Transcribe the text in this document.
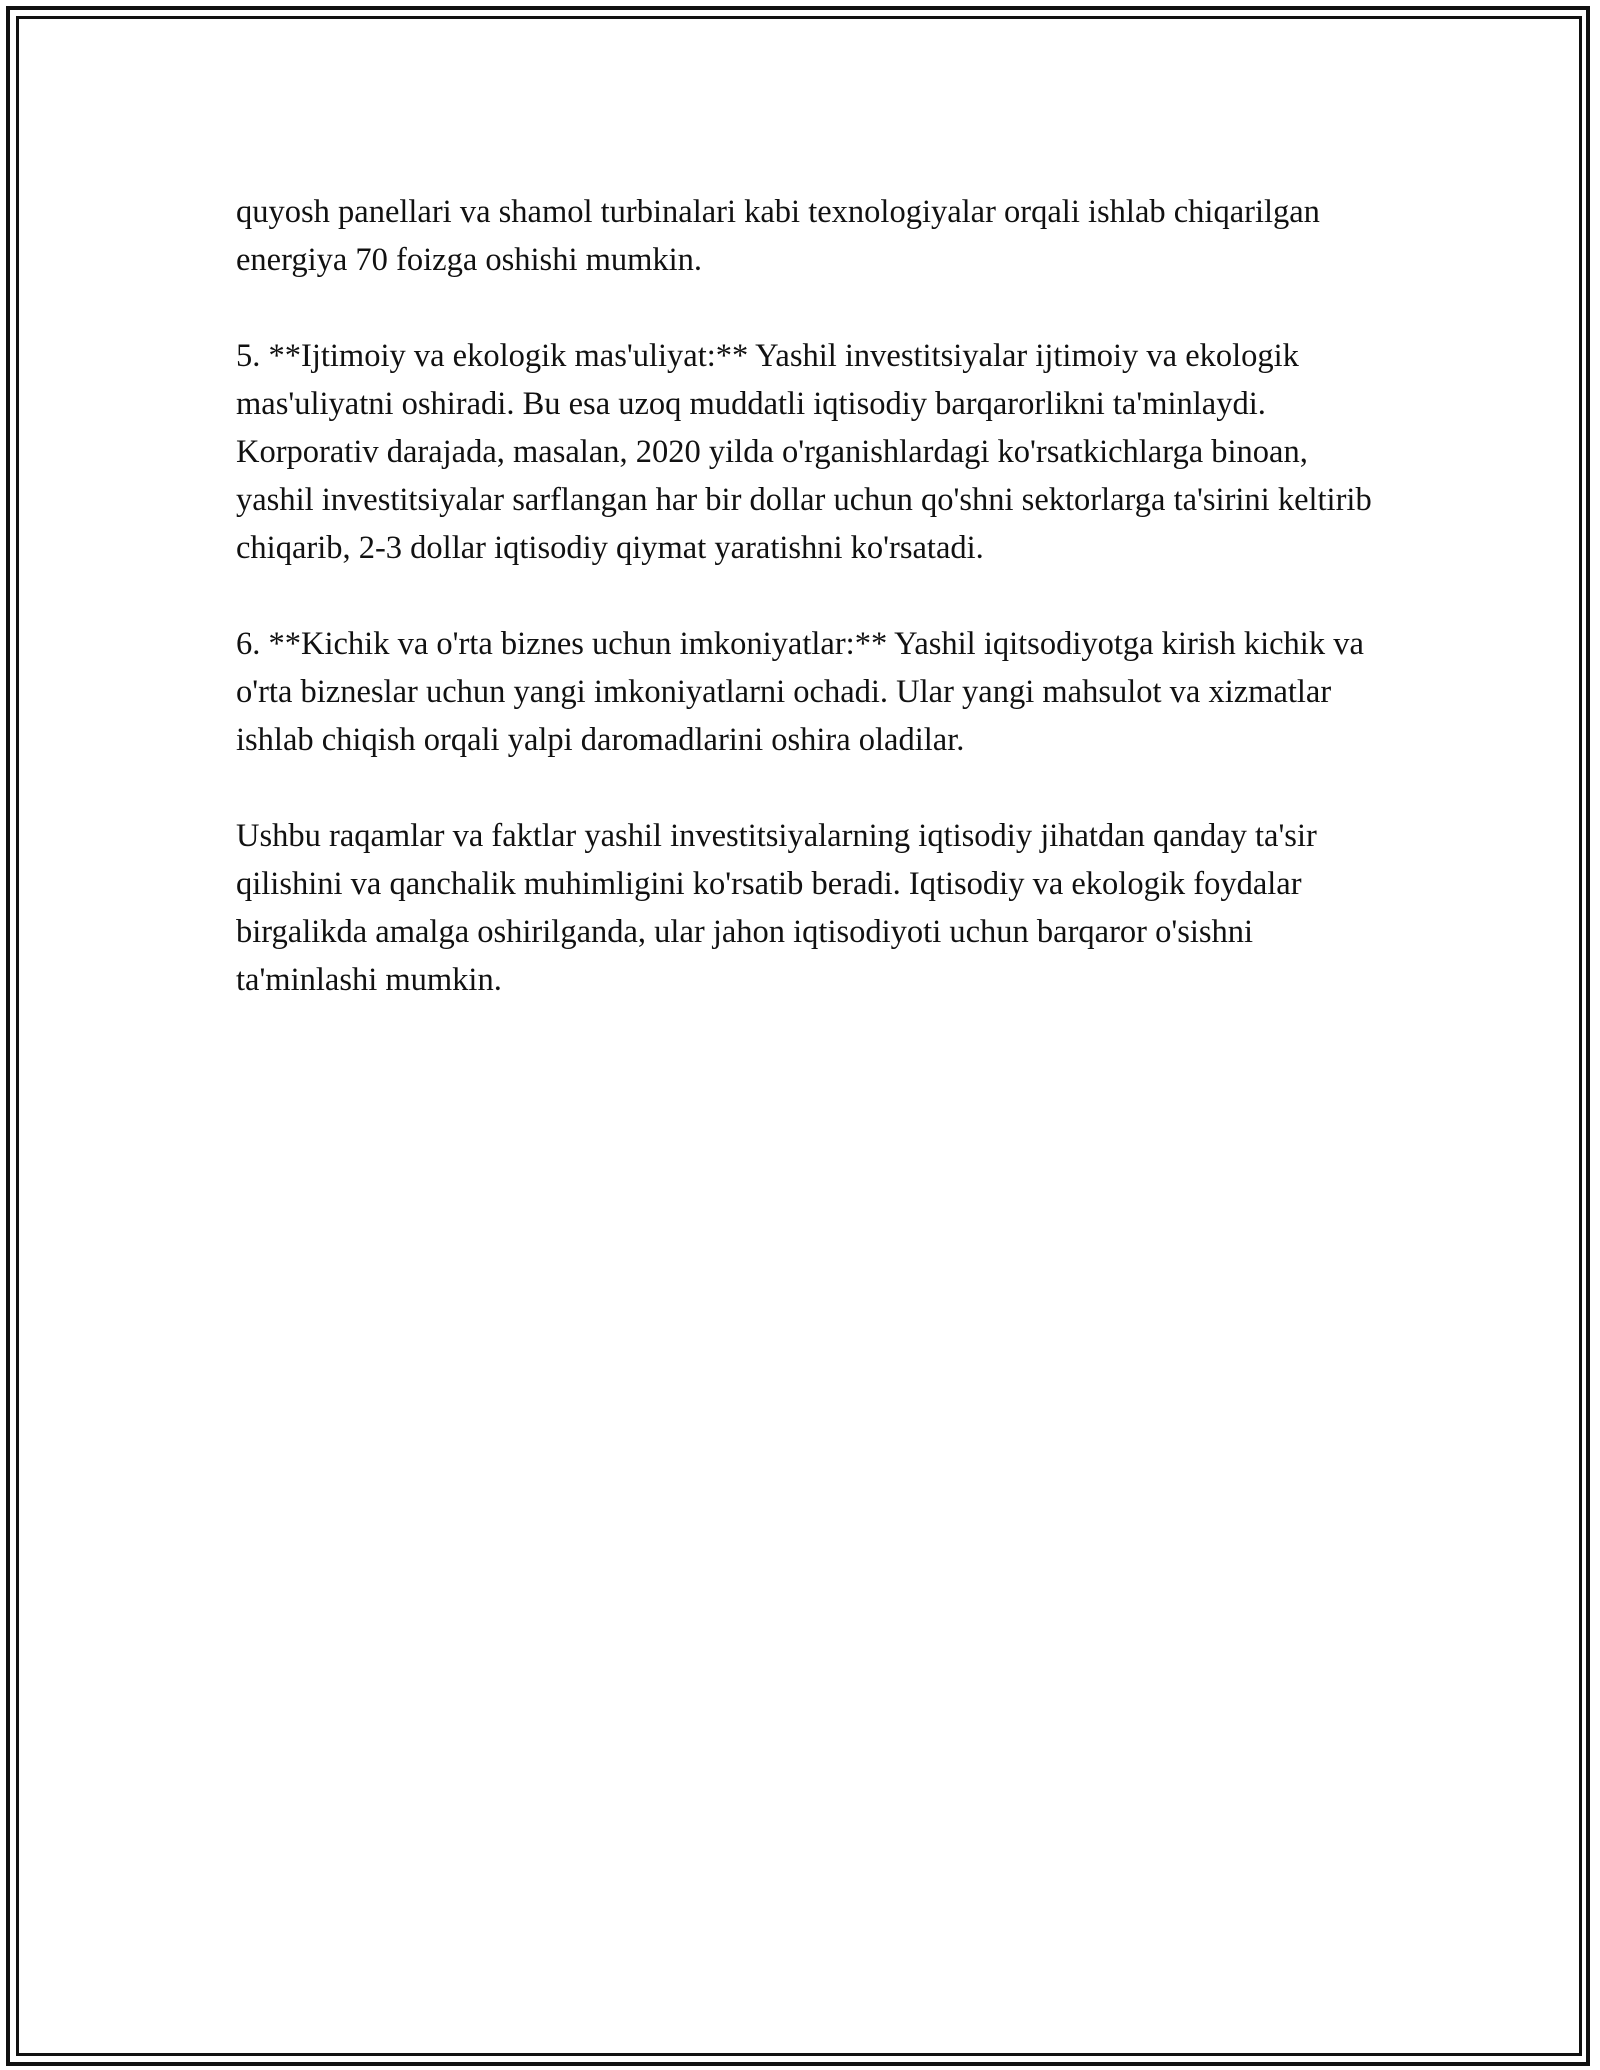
quyosh panellari va shamol turbinalari kabi texnologiyalar orqali ishlab chiqarilgan energiya 70 foizga oshishi mumkin.

5. **Ijtimoiy va ekologik mas'uliyat:** Yashil investitsiyalar ijtimoiy va ekologik mas'uliyatni oshiradi. Bu esa uzoq muddatli iqtisodiy barqarorlikni ta'minlaydi. Korporativ darajada, masalan, 2020 yilda o'rganishlardagi ko'rsatkichlarga binoan, yashil investitsiyalar sarflangan har bir dollar uchun qo'shni sektorlarga ta'sirini keltirib chiqarib, 2-3 dollar iqtisodiy qiymat yaratishni ko'rsatadi.

6. **Kichik va o'rta biznes uchun imkoniyatlar:** Yashil iqitsodiyotga kirish kichik va o'rta bizneslar uchun yangi imkoniyatlarni ochadi. Ular yangi mahsulot va xizmatlar ishlab chiqish orqali yalpi daromadlarini oshira oladilar.

Ushbu raqamlar va faktlar yashil investitsiyalarning iqtisodiy jihatdan qanday ta'sir qilishini va qanchalik muhimligini ko'rsatib beradi. Iqtisodiy va ekologik foydalar birgalikda amalga oshirilganda, ular jahon iqtisodiyoti uchun barqaror o'sishni ta'minlashi mumkin.
